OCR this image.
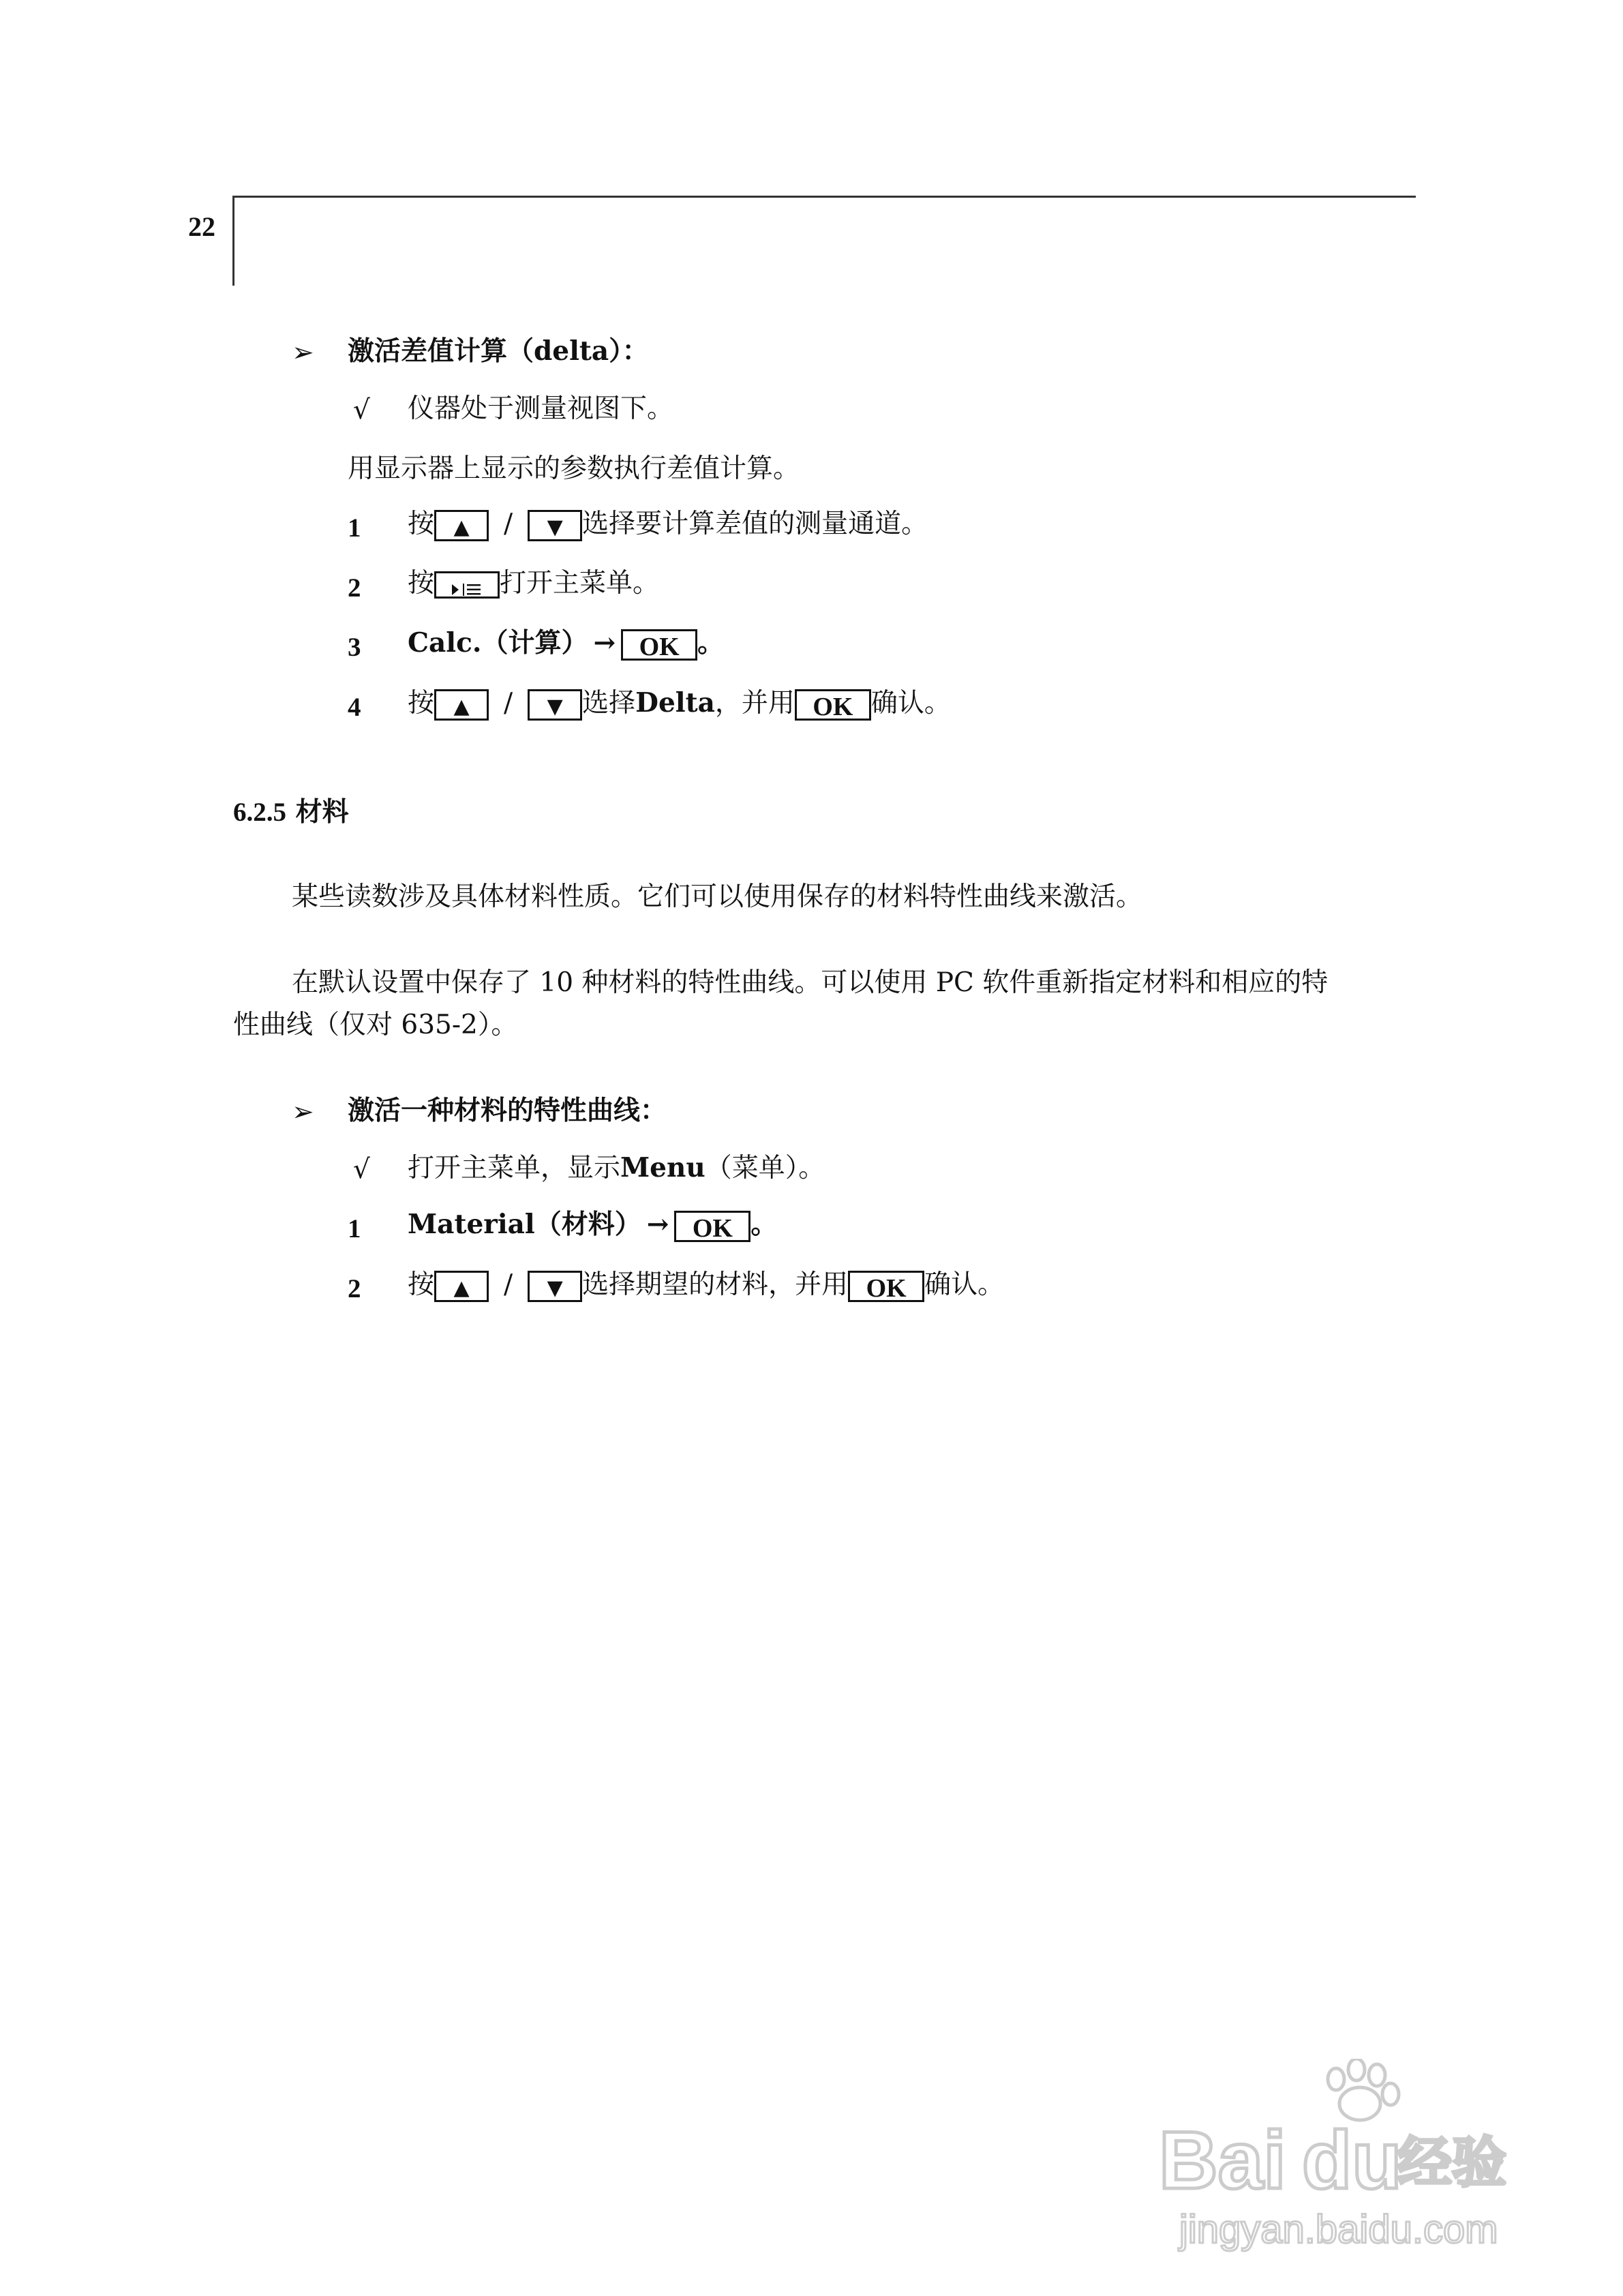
22
➢ 激活差值计算（delta）：
√ 仪器处于测量视图下。
用显示器上显示的参数执行差值计算。
1 按 ▲ / ▼ 选择要计算差值的测量通道。
2 按 打开主菜单。
3 Calc.（计算） → OK 。
4 按 ▲ / ▼ 选择Delta，并用 OK 确认。
6.2.5 材料
某些读数涉及具体材料性质。它们可以使用保存的材料特性曲线来激活。
在默认设置中保存了 10 种材料的特性曲线。可以使用 PC 软件重新指定材料和相应的特
性曲线（仅对 635-2）。
➢ 激活一种材料的特性曲线：
√ 打开主菜单，显示Menu（菜单）。
1 Material（材料） → OK 。
2 按 ▲ / ▼ 选择期望的材料，并用 OK 确认。
Bai du
经验
jingyan.baidu.com
